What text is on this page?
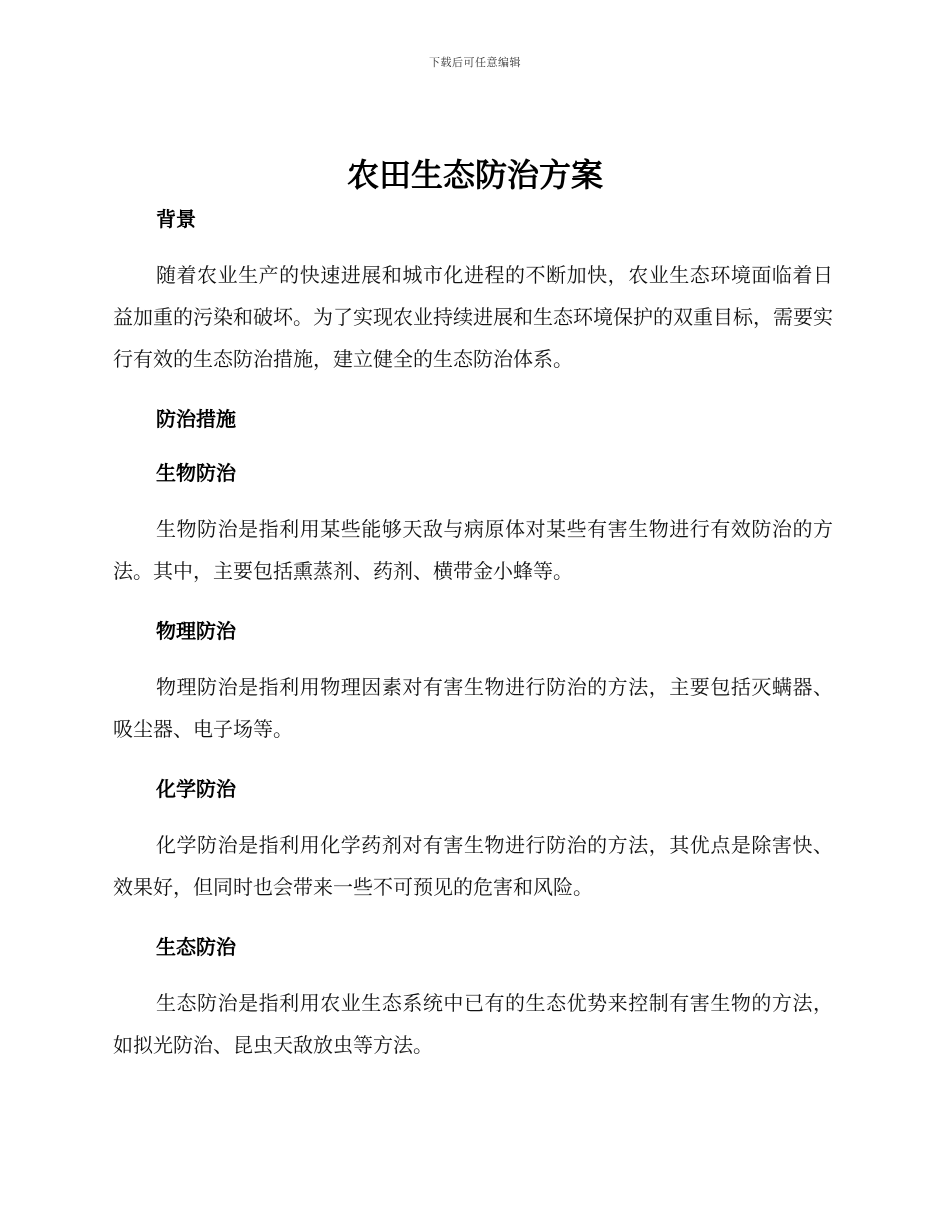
下载后可任意编辑
农田生态防治方案
背景

随着农业生产的快速进展和城市化进程的不断加快，农业生态环境面临着日益加重的污染和破坏。为了实现农业持续进展和生态环境保护的双重目标，需要实行有效的生态防治措施，建立健全的生态防治体系。

防治措施
生物防治

生物防治是指利用某些能够天敌与病原体对某些有害生物进行有效防治的方法。其中，主要包括熏蒸剂、药剂、横带金小蜂等。

物理防治

物理防治是指利用物理因素对有害生物进行防治的方法，主要包括灭螨器、吸尘器、电子场等。

化学防治

化学防治是指利用化学药剂对有害生物进行防治的方法，其优点是除害快、效果好，但同时也会带来一些不可预见的危害和风险。

生态防治

生态防治是指利用农业生态系统中已有的生态优势来控制有害生物的方法，如拟光防治、昆虫天敌放虫等方法。
